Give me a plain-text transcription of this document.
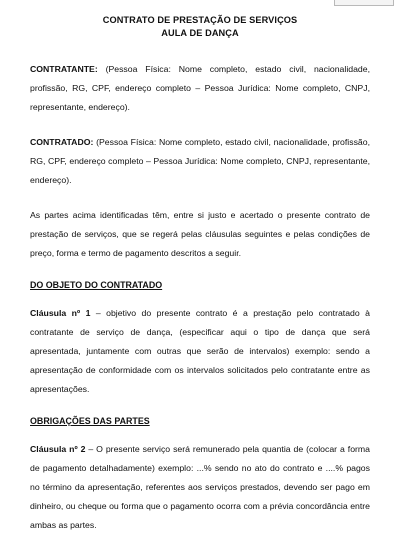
CONTRATO DE PRESTAÇÃO DE SERVIÇOS
AULA DE DANÇA

CONTRATANTE: (Pessoa Física: Nome completo, estado civil, nacionalidade, profissão, RG, CPF, endereço completo – Pessoa Jurídica: Nome completo, CNPJ, representante, endereço).

CONTRATADO: (Pessoa Física: Nome completo, estado civil, nacionalidade, profissão, RG, CPF, endereço completo – Pessoa Jurídica: Nome completo, CNPJ, representante, endereço).

As partes acima identificadas têm, entre si justo e acertado o presente contrato de prestação de serviços, que se regerá pelas cláusulas seguintes e pelas condições de preço, forma e termo de pagamento descritos a seguir.

DO OBJETO DO CONTRATADO

Cláusula nº 1 – objetivo do presente contrato é a prestação pelo contratado à contratante de serviço de dança, (especificar aqui o tipo de dança que será apresentada, juntamente com outras que serão de intervalos) exemplo: sendo a apresentação de conformidade com os intervalos solicitados pelo contratante entre as apresentações.

OBRIGAÇÕES DAS PARTES

Cláusula nº 2 – O presente serviço será remunerado pela quantia de (colocar a forma de pagamento detalhadamente) exemplo: ...% sendo no ato do contrato e ....% pagos no término da apresentação, referentes aos serviços prestados, devendo ser pago em dinheiro, ou cheque ou forma que o pagamento ocorra com a prévia concordância entre ambas as partes.
